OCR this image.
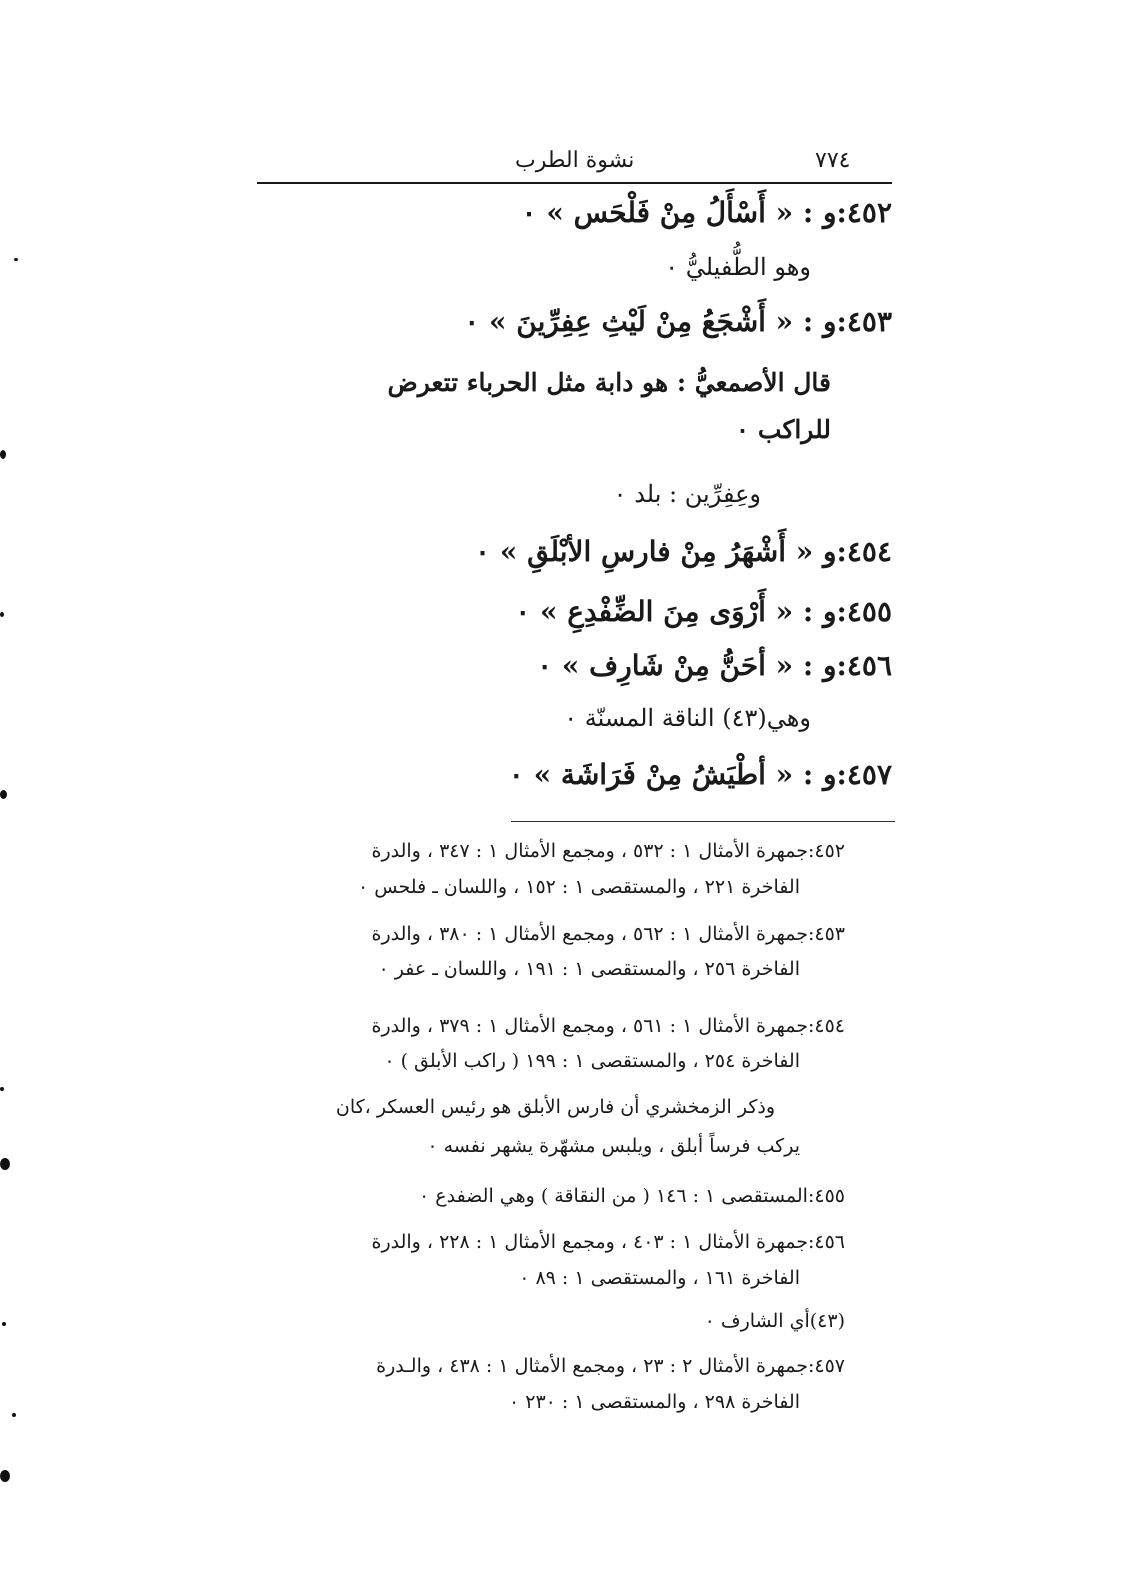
٧٧٤
نشوة الطرب
٤٥٢:و : « أَسْأَلُ مِنْ فَلْحَس » ۰
وهو الطُّفيليُّ ۰
٤٥٣:و : « أَشْجَعُ مِنْ لَيْثِ عِفِرِّينَ » ۰
قال الأصمعيُّ : هو دابة مثل الحرباء تتعرض
للراكب ۰
وعِفِرِّين : بلد ۰
٤٥٤:و « أَشْهَرُ مِنْ فارسِ الأبْلَقِ » ۰
٤٥٥:و : « أَرْوَى مِنَ الضِّفْدِعِ » ۰
٤٥٦:و : « أحَنُّ مِنْ شَارِف » ۰
وهي(٤٣) الناقة المسنّة ۰
٤٥٧:و : « أطْيَشُ مِنْ فَرَاشَة » ۰
٤٥٢:جمهرة الأمثال ١ : ٥٣٢ ، ومجمع الأمثال ١ : ٣٤٧ ، والدرة
الفاخرة ٢٢١ ، والمستقصى ١ : ١٥٢ ، واللسان ـ فلحس ۰
٤٥٣:جمهرة الأمثال ١ : ٥٦٢ ، ومجمع الأمثال ١ : ٣٨٠ ، والدرة
الفاخرة ٢٥٦ ، والمستقصى ١ : ١٩١ ، واللسان ـ عفر ۰
٤٥٤:جمهرة الأمثال ١ : ٥٦١ ، ومجمع الأمثال ١ : ٣٧٩ ، والدرة
الفاخرة ٢٥٤ ، والمستقصى ١ : ١٩٩ ( راكب الأبلق ) ۰
وذكر الزمخشري أن فارس الأبلق هو رئيس العسكر ،كان
يركب فرساً أبلق ، ويلبس مشهّرة يشهر نفسه ۰
٤٥٥:المستقصى ١ : ١٤٦ ( من النقاقة ) وهي الضفدع ۰
٤٥٦:جمهرة الأمثال ١ : ٤٠٣ ، ومجمع الأمثال ١ : ٢٢٨ ، والدرة
الفاخرة ١٦١ ، والمستقصى ١ : ٨٩ ۰
(٤٣)أي الشارف ۰
٤٥٧:جمهرة الأمثال ٢ : ٢٣ ، ومجمع الأمثال ١ : ٤٣٨ ، والـدرة
الفاخرة ٢٩٨ ، والمستقصى ١ : ٢٣٠ ۰
